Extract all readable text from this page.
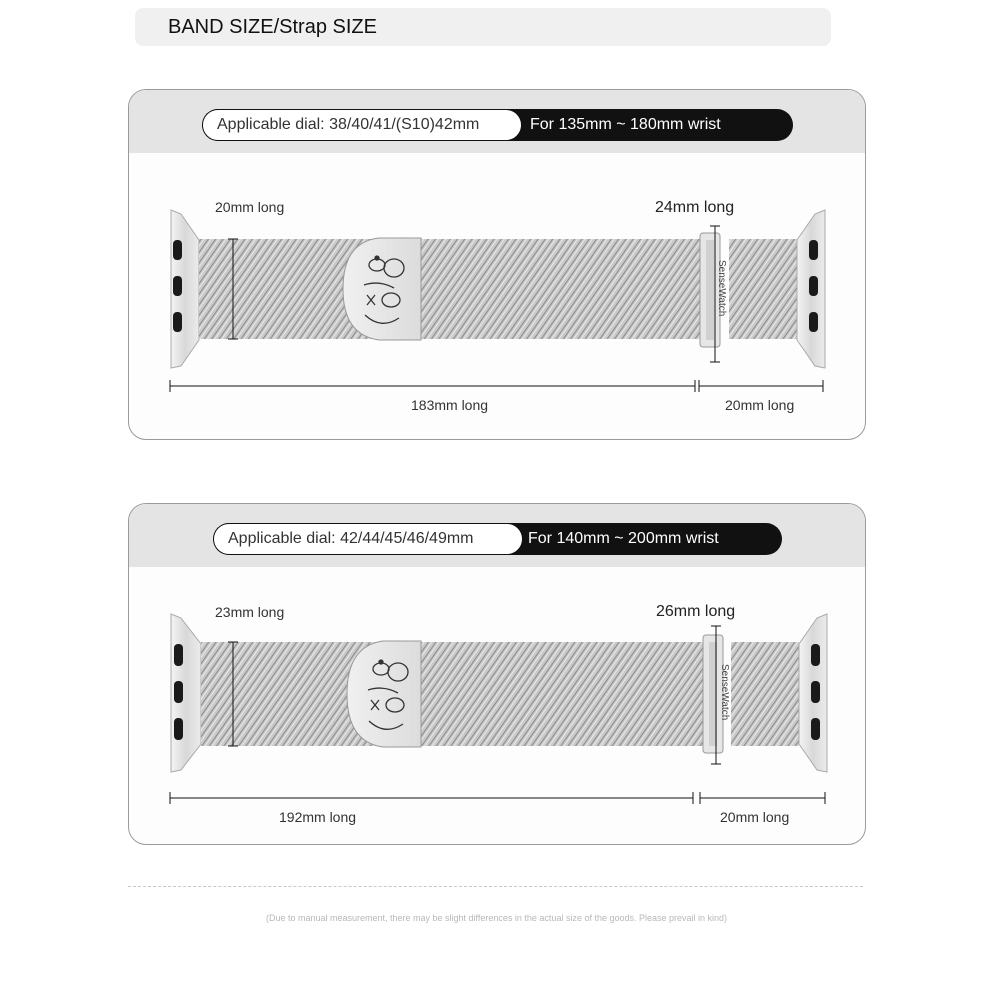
BAND SIZE/Strap SIZE
Applicable dial: 38/40/41/(S10)42mm	For 135mm ~ 180mm wrist
SenseWatch
20mm long	24mm long
183mm long	20mm long
Applicable dial: 42/44/45/46/49mm	For 140mm ~ 200mm wrist
SenseWatch
23mm long	26mm long
192mm long	20mm long
(Due to manual measurement, there may be slight differences in the actual size of the goods. Please prevail in kind)
